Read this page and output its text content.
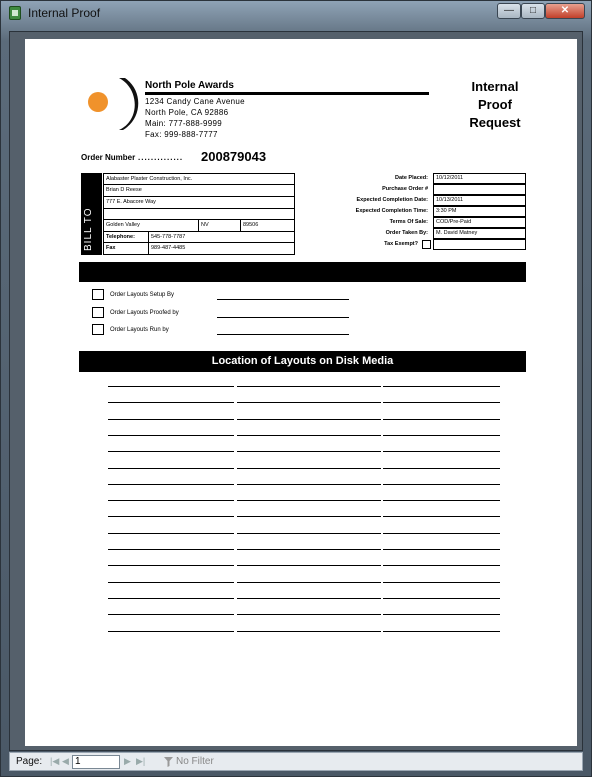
Internal Proof	—	□	✕
North Pole Awards
1234 Candy Cane Avenue
North Pole, CA 92886
Main: 777-888-9999
Fax: 999-888-7777
Internal
Proof
Request
Order Number .............. 200879043
BILL TO
Alabaster Plaster Construction, Inc.
Brian D Reese
777 E. Abacore Way
Golden Valley	NV	89506
Telephone:	545-778-7787
Fax	989-487-4485
Date Placed:	10/12/2011
Purchase Order #
Expected Completion Date:	10/13/2011
Expected Completion Time:	3:30 PM
Terms Of Sale:	COD/Pre-Paid
Order Taken By:	M. David Matney
Tax Exempt?
Order Layouts Setup By
Order Layouts Proofed by
Order Layouts Run by
Location of Layouts on Disk Media
Page: |◀ ◀ 1	▶ ▶|	No Filter
